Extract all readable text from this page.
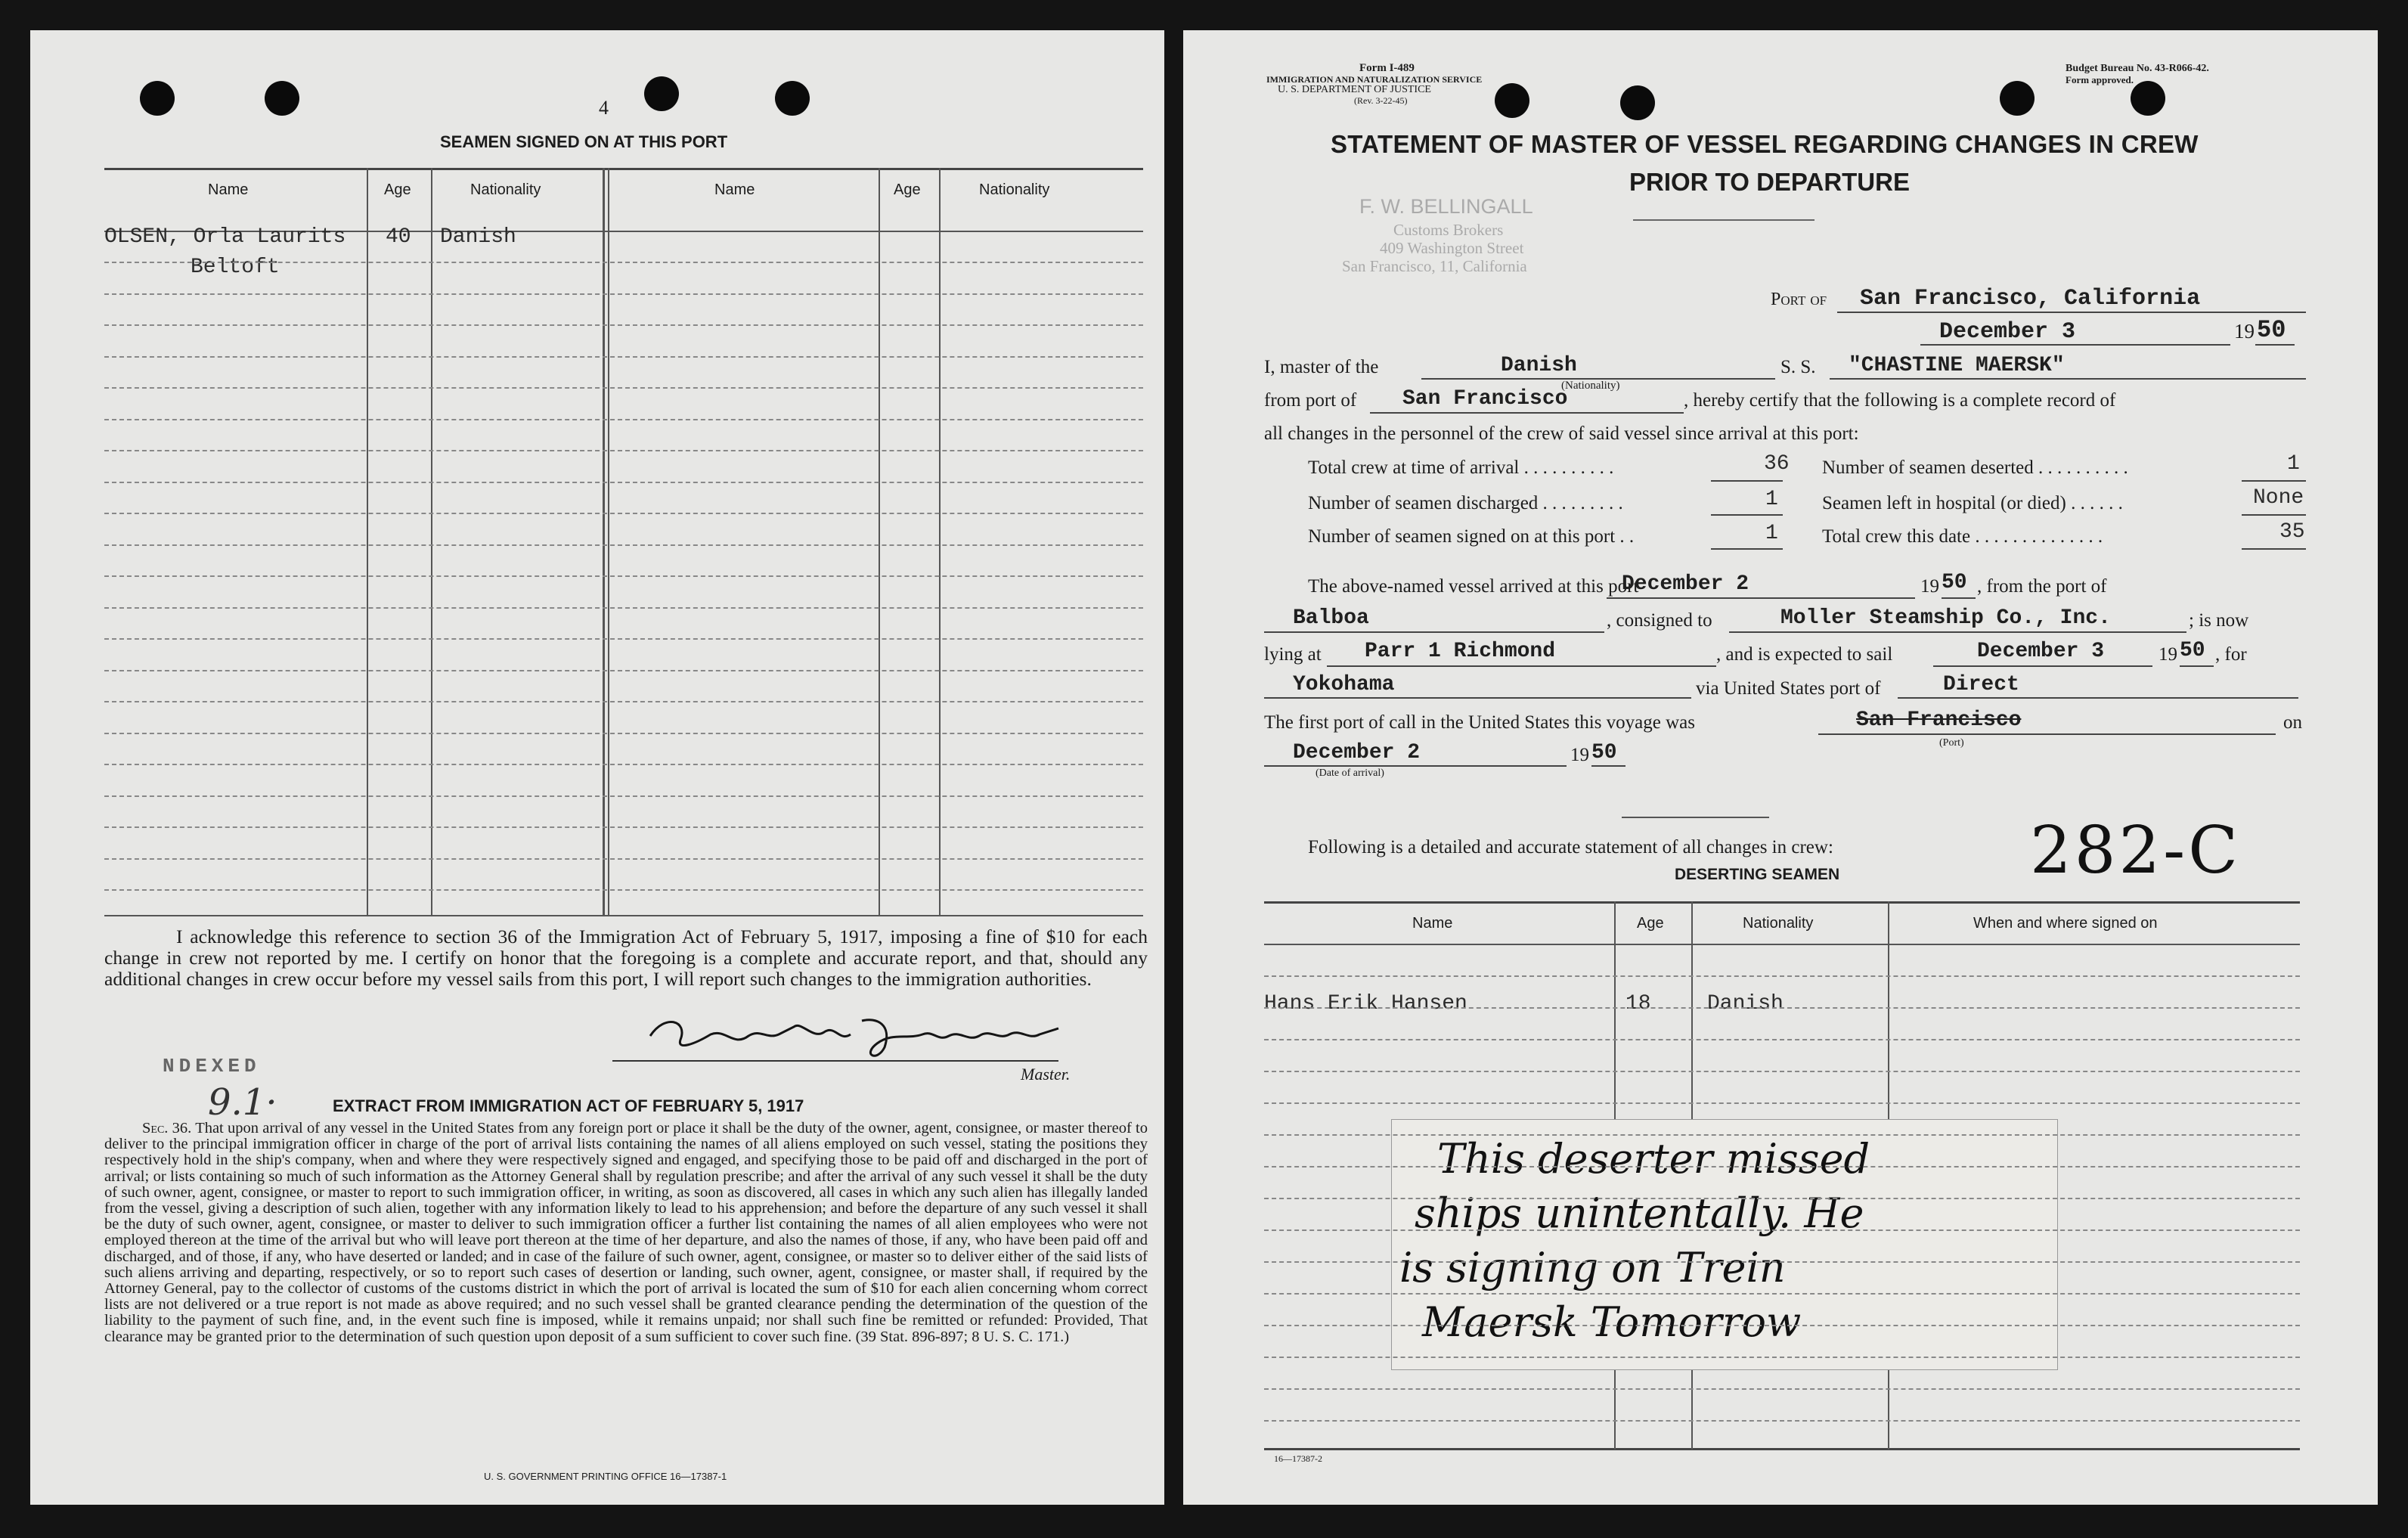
4
SEAMEN SIGNED ON AT THIS PORT
Name	Age	Nationality	Name	Age	Nationality
OLSEN, Orla Laurits
Beltoft
40 Danish

I acknowledge this reference to section 36 of the Immigration Act of February 5, 1917, imposing a fine of $10 for each change in crew not reported by me. I certify on honor that the foregoing is a complete and accurate report, and that, should any additional changes in crew occur before my vessel sails from this port, I will report such changes to the immigration authorities.

Master.
NDEXED
9.1·	EXTRACT FROM IMMIGRATION ACT OF FEBRUARY 5, 1917

Sec. 36. That upon arrival of any vessel in the United States from any foreign port or place it shall be the duty of the owner, agent, consignee, or master thereof to deliver to the principal immigration officer in charge of the port of arrival lists containing the names of all aliens employed on such vessel, stating the positions they respectively hold in the ship's company, when and where they were respectively signed and engaged, and specifying those to be paid off and discharged in the port of arrival; or lists containing so much of such information as the Attorney General shall by regulation prescribe; and after the arrival of any such vessel it shall be the duty of such owner, agent, consignee, or master to report to such immigration officer, in writing, as soon as discovered, all cases in which any such alien has illegally landed from the vessel, giving a description of such alien, together with any information likely to lead to his apprehension; and before the departure of any such vessel it shall be the duty of such owner, agent, consignee, or master to deliver to such immigration officer a further list containing the names of all alien employees who were not employed thereon at the time of the arrival but who will leave port thereon at the time of her departure, and also the names of those, if any, who have been paid off and discharged, and of those, if any, who have deserted or landed; and in case of the failure of such owner, agent, consignee, or master so to deliver either of the said lists of such aliens arriving and departing, respectively, or so to report such cases of desertion or landing, such owner, agent, consignee, or master shall, if required by the Attorney General, pay to the collector of customs of the customs district in which the port of arrival is located the sum of $10 for each alien concerning whom correct lists are not delivered or a true report is not made as above required; and no such vessel shall be granted clearance pending the determination of the question of the liability to the payment of such fine, and, in the event such fine is imposed, while it remains unpaid; nor shall such fine be remitted or refunded: Provided, That clearance may be granted prior to the determination of such question upon deposit of a sum sufficient to cover such fine. (39 Stat. 896-897; 8 U. S. C. 171.)

U. S. GOVERNMENT PRINTING OFFICE 16—17387-1
Form I-489
IMMIGRATION AND NATURALIZATION SERVICE
U. S. DEPARTMENT OF JUSTICE
(Rev. 3-22-45)
Budget Bureau No. 43-R066-42.
Form approved.
STATEMENT OF MASTER OF VESSEL REGARDING CHANGES IN CREW
PRIOR TO DEPARTURE
F. W. BELLINGALL
Customs Brokers
409 Washington Street
San Francisco, 11, California
Port of San Francisco, California
December 3	19 50
I, master of the	Danish
(Nationality)
S. S. "CHASTINE MAERSK"
from port of San Francisco	, hereby certify that the following is a complete record of
all changes in the personnel of the crew of said vessel since arrival at this port:
Total crew at time of arrival . . . . . . . . . .	36 Number of seamen deserted . . . . . . . . . .	1
Number of seamen discharged . . . . . . . . .	1 Seamen left in hospital (or died) . . . . . .	None
Number of seamen signed on at this port . .	1 Total crew this date . . . . . . . . . . . . . .	35
The above-named vessel arrived at this port
December 2	19 50 , from the port of
Balboa	, consigned to	Moller Steamship Co., Inc.	; is now
lying at Parr 1 Richmond	, and is expected to sail	December 3	19 50 , for
Yokohama	via United States port of	Direct
The first port of call in the United States this voyage was	San Francisco
(Port)
on
December 2
(Date of arrival)
19 50
Following is a detailed and accurate statement of all changes in crew:	282-C
DESERTING SEAMEN
Name	Age	Nationality	When and where signed on
Hans Erik Hansen	18	Danish
This deserter missed
ships unintentally. He
is signing on Trein
Maersk Tomorrow
16—17387-2
